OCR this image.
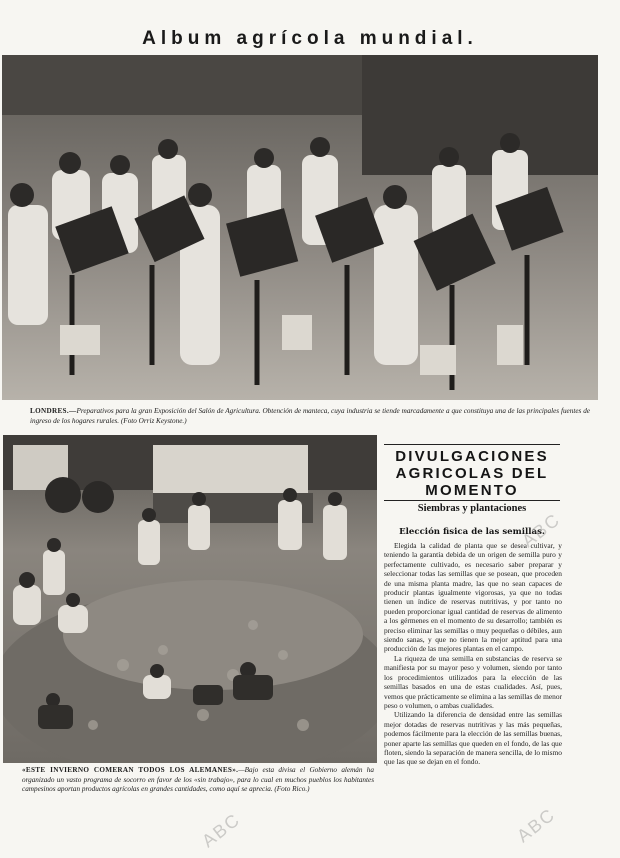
Album agrícola mundial.
LONDRES.—Preparativos para la gran Exposición del Salón de Agricultura. Obtención de manteca, cuya industria se tiende marcadamente a que constituya una de las principales fuentes de ingreso de los hogares rurales. (Foto Orriz Keystone.)
«ESTE INVIERNO COMERAN TODOS LOS ALEMANES».—Bajo esta divisa el Gobierno alemán ha organizado un vasto programa de socorro en favor de los «sin trabajo», para lo cual en muchos pueblos los habitantes campesinos aportan productos agrícolas en grandes cantidades, como aquí se aprecia. (Foto Rico.)
DIVULGACIONES
AGRICOLAS DEL
MOMENTO
Siembras y plantaciones
Elección fisica de las semillas.

Elegida la calidad de planta que se desea cultivar, y teniendo la garantía debida de un origen de semilla puro y perfectamente cultivado, es necesario saber preparar y seleccionar todas las semillas que se posean, que proceden de una misma planta madre, las que no sean capaces de producir plantas igualmente vigorosas, ya que no todas tienen un índice de reservas nutritivas, y por tanto no pueden proporcionar igual cantidad de reservas de alimento a los gérmenes en el momento de su desarrollo; también es preciso eliminar las semillas o muy pequeñas o débiles, aun siendo sanas, y que no tienen la mejor aptitud para una producción de las mejores plantas en el campo.

La riqueza de una semilla en substancias de reserva se manifiesta por su mayor peso y volumen, siendo por tanto los procedimientos utilizados para la elección de las semillas basados en una de estas cualidades. Así, pues, vemos que prácticamente se elimina a las semillas de menor peso o volumen, o ambas cualidades.

Utilizando la diferencia de densidad entre las semillas mejor dotadas de reservas nutritivas y las más pequeñas, podemos fácilmente para la elección de las semillas buenas, poner aparte las semillas que queden en el fondo, de las que floten, siendo la separación de manera sencilla, de lo mismo que las que se dejan en el fondo.

ABC
ABC
ABC
